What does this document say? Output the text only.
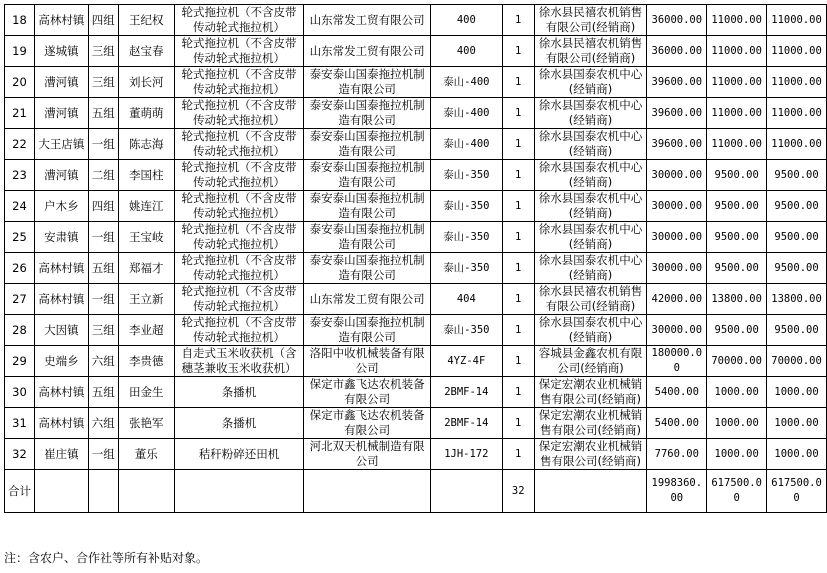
18	高林村镇	四组	王纪权	轮式拖拉机（不含皮带传动轮式拖拉机）	山东常发工贸有限公司	400	1	徐水县民禧农机销售有限公司(经销商)	36000.00	11000.00	11000.00
19	遂城镇	三组	赵宝春	轮式拖拉机（不含皮带传动轮式拖拉机）	山东常发工贸有限公司	400	1	徐水县民禧农机销售有限公司(经销商)	36000.00	11000.00	11000.00
20	漕河镇	三组	刘长河	轮式拖拉机（不含皮带传动轮式拖拉机）	泰安泰山国泰拖拉机制造有限公司	泰山-400	1	徐水县国泰农机中心(经销商)	39600.00	11000.00	11000.00
21	漕河镇	五组	董萌萌	轮式拖拉机（不含皮带传动轮式拖拉机）	泰安泰山国泰拖拉机制造有限公司	泰山-400	1	徐水县国泰农机中心(经销商)	39600.00	11000.00	11000.00
22	大王店镇	一组	陈志海	轮式拖拉机（不含皮带传动轮式拖拉机）	泰安泰山国泰拖拉机制造有限公司	泰山-400	1	徐水县国泰农机中心(经销商)	39600.00	11000.00	11000.00
23	漕河镇	二组	李国柱	轮式拖拉机（不含皮带传动轮式拖拉机）	泰安泰山国泰拖拉机制造有限公司	泰山-350	1	徐水县国泰农机中心(经销商)	30000.00	9500.00	9500.00
24	户木乡	四组	姚连江	轮式拖拉机（不含皮带传动轮式拖拉机）	泰安泰山国泰拖拉机制造有限公司	泰山-350	1	徐水县国泰农机中心(经销商)	30000.00	9500.00	9500.00
25	安肃镇	一组	王宝岐	轮式拖拉机（不含皮带传动轮式拖拉机）	泰安泰山国泰拖拉机制造有限公司	泰山-350	1	徐水县国泰农机中心(经销商)	30000.00	9500.00	9500.00
26	高林村镇	五组	郑福才	轮式拖拉机（不含皮带传动轮式拖拉机）	泰安泰山国泰拖拉机制造有限公司	泰山-350	1	徐水县国泰农机中心(经销商)	30000.00	9500.00	9500.00
27	高林村镇	一组	王立新	轮式拖拉机（不含皮带传动轮式拖拉机）	山东常发工贸有限公司	404	1	徐水县民禧农机销售有限公司(经销商)	42000.00	13800.00	13800.00
28	大因镇	三组	李业超	轮式拖拉机（不含皮带传动轮式拖拉机）	泰安泰山国泰拖拉机制造有限公司	泰山-350	1	徐水县国泰农机中心(经销商)	30000.00	9500.00	9500.00
29	史端乡	六组	李贵德	自走式玉米收获机（含穗茎兼收玉米收获机）	洛阳中收机械装备有限公司	4YZ-4F	1	容城县金鑫农机有限公司(经销商)	180000.00	70000.00	70000.00
30	高林村镇	五组	田金生	条播机	保定市鑫飞达农机装备有限公司	2BMF-14	1	保定宏潮农业机械销售有限公司(经销商)	5400.00	1000.00	1000.00
31	高林村镇	六组	张艳军	条播机	保定市鑫飞达农机装备有限公司	2BMF-14	1	保定宏潮农业机械销售有限公司(经销商)	5400.00	1000.00	1000.00
32	崔庄镇	一组	董乐	秸秆粉碎还田机	河北双天机械制造有限公司	1JH-172	1	保定宏潮农业机械销售有限公司(经销商)	7760.00	1000.00	1000.00
合计							32		1998360.00	617500.00	617500.00
注：含农户、合作社等所有补贴对象。
